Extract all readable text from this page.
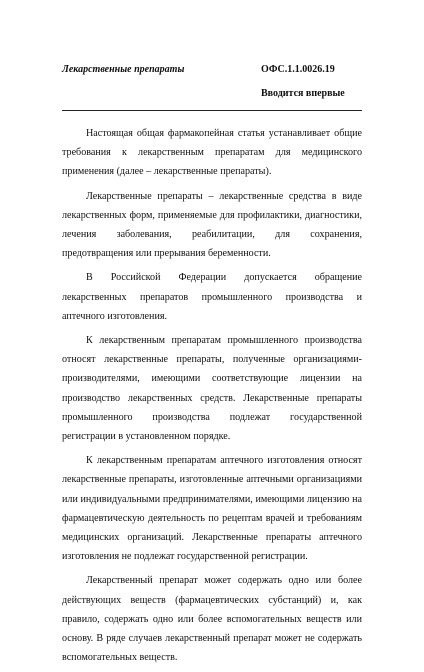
Лекарственные препараты	ОФС.1.1.0026.19
Вводится впервые

Настоящая общая фармакопейная статья устанавливает общие требования к лекарственным препаратам для медицинского применения (далее – лекарственные препараты).

Лекарственные препараты – лекарственные средства в виде лекарственных форм, применяемые для профилактики, диагностики, лечения заболевания, реабилитации, для сохранения, предотвращения или прерывания беременности.

В Российской Федерации допускается обращение лекарственных препаратов промышленного производства и аптечного изготовления.

К лекарственным препаратам промышленного производства относят лекарственные препараты, полученные организациями-производителями, имеющими соответствующие лицензии на производство лекарственных средств. Лекарственные препараты промышленного производства подлежат государственной регистрации в установленном порядке.

К лекарственным препаратам аптечного изготовления относят лекарственные препараты, изготовленные аптечными организациями или индивидуальными предпринимателями, имеющими лицензию на фармацевтическую деятельность по рецептам врачей и требованиям медицинских организаций. Лекарственные препараты аптечного изготовления не подлежат государственной регистрации.

Лекарственный препарат может содержать одно или более действующих веществ (фармацевтических субстанций) и, как правило, содержать одно или более вспомогательных веществ или основу. В ряде случаев лекарственный препарат может не содержать вспомогательных веществ.
